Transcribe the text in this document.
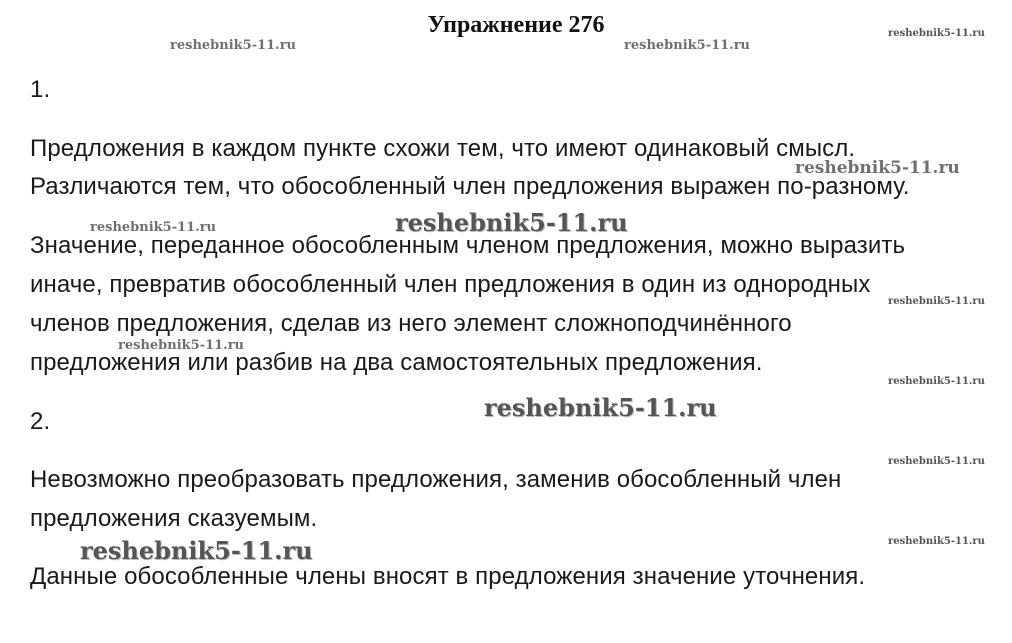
Упражнение 276
1.
Предложения в каждом пункте схожи тем, что имеют одинаковый смысл.
Различаются тем, что обособленный член предложения выражен по-разному.
Значение, переданное обособленным членом предложения, можно выразить
иначе, превратив обособленный член предложения в один из однородных
членов предложения, сделав из него элемент сложноподчинённого
предложения или разбив на два самостоятельных предложения.
2.
Невозможно преобразовать предложения, заменив обособленный член
предложения сказуемым.
Данные обособленные члены вносят в предложения значение уточнения.
reshebnik5-11.ru	reshebnik5-11.ru
reshebnik5-11.ru
reshebnik5-11.ru
reshebnik5-11.ru	reshebnik5-11.ru
reshebnik5-11.ru
reshebnik5-11.ru
reshebnik5-11.ru
reshebnik5-11.ru
reshebnik5-11.ru
reshebnik5-11.ru
reshebnik5-11.ru
